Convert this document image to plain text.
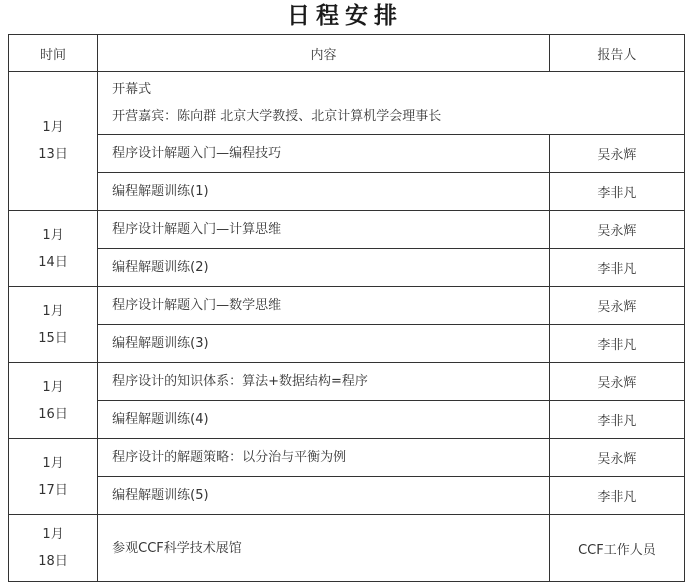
日程安排
时间	内容	报告人

1月
13日	开幕式
开营嘉宾：陈向群 北京大学教授、北京计算机学会理事长	

	程序设计解题入门—编程技巧	吴永辉

	编程解题训练(1)	李非凡

1月
14日	程序设计解题入门—计算思维	吴永辉

	编程解题训练(2)	李非凡

1月
15日	程序设计解题入门—数学思维	吴永辉

	编程解题训练(3)	李非凡

1月
16日	程序设计的知识体系：算法+数据结构=程序	吴永辉

	编程解题训练(4)	李非凡

1月
17日	程序设计的解题策略：以分治与平衡为例	吴永辉

	编程解题训练(5)	李非凡

1月
18日	参观CCF科学技术展馆	CCF工作人员
